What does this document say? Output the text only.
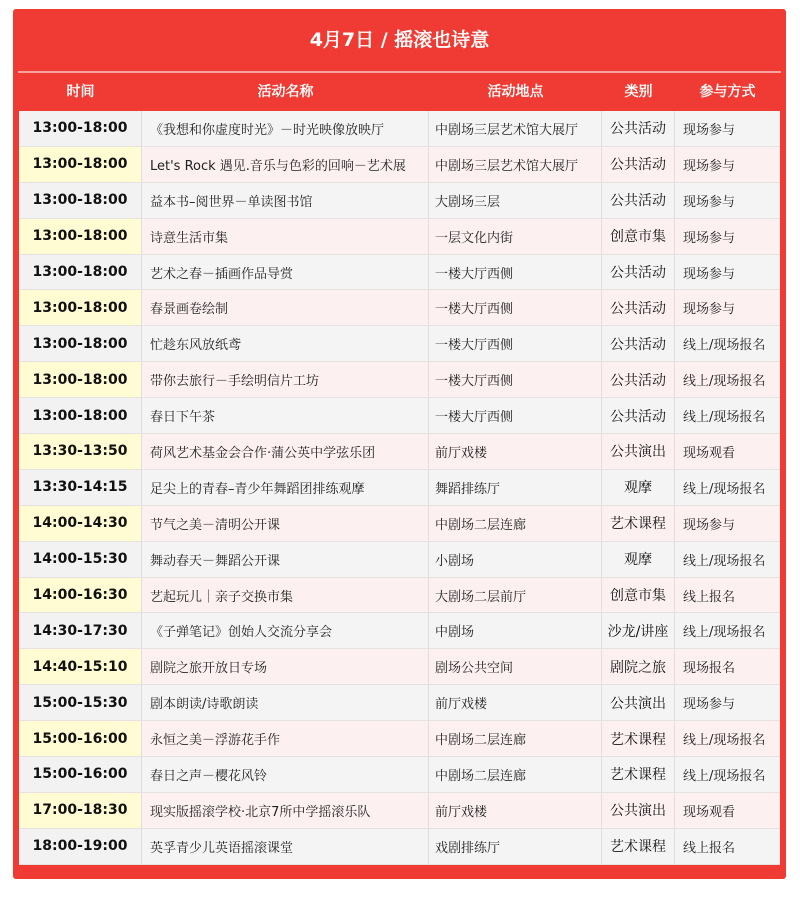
4月7日 / 摇滚也诗意
时间	活动名称	活动地点	类别	参与方式
13:00-18:00	《我想和你虚度时光》－时光映像放映厅	中剧场三层艺术馆大展厅	公共活动	现场参与
13:00-18:00	Let's Rock 遇见.音乐与色彩的回响－艺术展	中剧场三层艺术馆大展厅	公共活动	现场参与
13:00-18:00	益本书–阅世界－单读图书馆	大剧场三层	公共活动	现场参与
13:00-18:00	诗意生活市集	一层文化内街	创意市集	现场参与
13:00-18:00	艺术之春－插画作品导赏	一楼大厅西侧	公共活动	现场参与
13:00-18:00	春景画卷绘制	一楼大厅西侧	公共活动	现场参与
13:00-18:00	忙趁东风放纸鸢	一楼大厅西侧	公共活动	线上/现场报名
13:00-18:00	带你去旅行－手绘明信片工坊	一楼大厅西侧	公共活动	线上/现场报名
13:00-18:00	春日下午茶	一楼大厅西侧	公共活动	线上/现场报名
13:30-13:50	荷风艺术基金会合作·蒲公英中学弦乐团	前厅戏楼	公共演出	现场观看
13:30-14:15	足尖上的青春–青少年舞蹈团排练观摩	舞蹈排练厅	观摩	线上/现场报名
14:00-14:30	节气之美－清明公开课	中剧场二层连廊	艺术课程	现场参与
14:00-15:30	舞动春天－舞蹈公开课	小剧场	观摩	线上/现场报名
14:00-16:30	艺起玩儿｜亲子交换市集	大剧场二层前厅	创意市集	线上报名
14:30-17:30	《子弹笔记》创始人交流分享会	中剧场	沙龙/讲座	线上/现场报名
14:40-15:10	剧院之旅开放日专场	剧场公共空间	剧院之旅	现场报名
15:00-15:30	剧本朗读/诗歌朗读	前厅戏楼	公共演出	现场参与
15:00-16:00	永恒之美－浮游花手作	中剧场二层连廊	艺术课程	线上/现场报名
15:00-16:00	春日之声－樱花风铃	中剧场二层连廊	艺术课程	线上/现场报名
17:00-18:30	现实版摇滚学校·北京7所中学摇滚乐队	前厅戏楼	公共演出	现场观看
18:00-19:00	英孚青少儿英语摇滚课堂	戏剧排练厅	艺术课程	线上报名
